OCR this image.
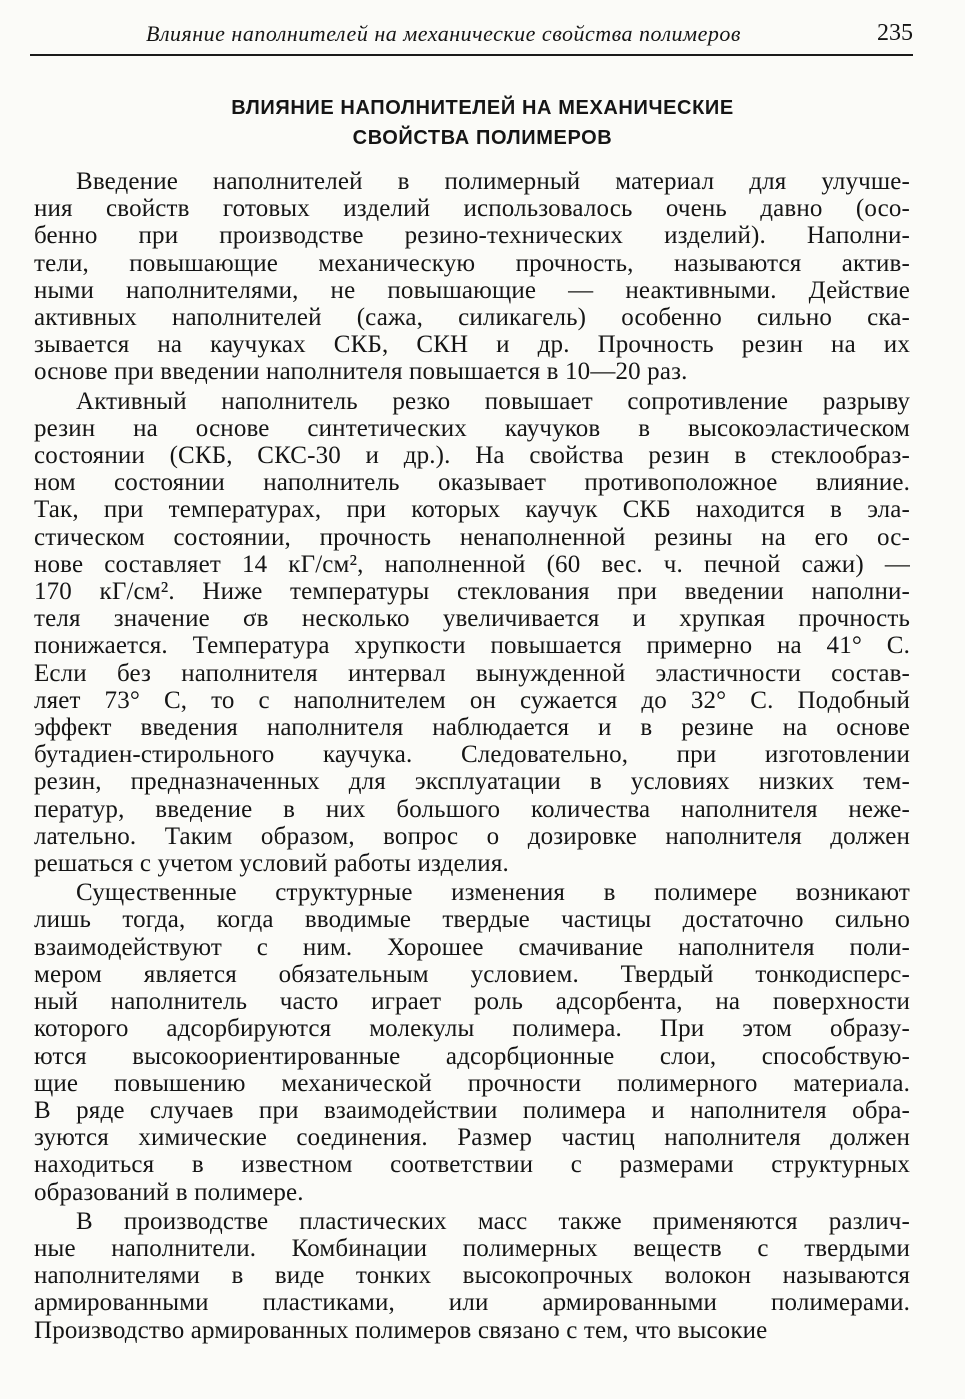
Влияние наполнителей на механические свойства полимеров	235
ВЛИЯНИЕ НАПОЛНИТЕЛЕЙ НА МЕХАНИЧЕСКИЕ
СВОЙСТВА ПОЛИМЕРОВ
Введение наполнителей в полимерный материал для улучше-
ния свойств готовых изделий использовалось очень давно (осо-
бенно при производстве резино-технических изделий). Наполни-
тели, повышающие механическую прочность, называются актив-
ными наполнителями, не повышающие — неактивными. Действие
активных наполнителей (сажа, силикагель) особенно сильно ска-
зывается на каучуках СКБ, СКН и др. Прочность резин на их
основе при введении наполнителя повышается в 10—20 раз.
Активный наполнитель резко повышает сопротивление разрыву
резин на основе синтетических каучуков в высокоэластическом
состоянии (СКБ, СКС-30 и др.). На свойства резин в стеклообраз-
ном состоянии наполнитель оказывает противоположное влияние.
Так, при температурах, при которых каучук СКБ находится в эла-
стическом состоянии, прочность ненаполненной резины на его ос-
нове составляет 14 кГ/см², наполненной (60 вес. ч. печной сажи) —
170 кГ/см². Ниже температуры стеклования при введении наполни-
теля значение σв несколько увеличивается и хрупкая прочность
понижается. Температура хрупкости повышается примерно на 41° С.
Если без наполнителя интервал вынужденной эластичности состав-
ляет 73° С, то с наполнителем он сужается до 32° С. Подобный
эффект введения наполнителя наблюдается и в резине на основе
бутадиен-стирольного каучука. Следовательно, при изготовлении
резин, предназначенных для эксплуатации в условиях низких тем-
ператур, введение в них большого количества наполнителя неже-
лательно. Таким образом, вопрос о дозировке наполнителя должен
решаться с учетом условий работы изделия.
Существенные структурные изменения в полимере возникают
лишь тогда, когда вводимые твердые частицы достаточно сильно
взаимодействуют с ним. Хорошее смачивание наполнителя поли-
мером является обязательным условием. Твердый тонкодисперс-
ный наполнитель часто играет роль адсорбента, на поверхности
которого адсорбируются молекулы полимера. При этом образу-
ются высокоориентированные адсорбционные слои, способствую-
щие повышению механической прочности полимерного материала.
В ряде случаев при взаимодействии полимера и наполнителя обра-
зуются химические соединения. Размер частиц наполнителя должен
находиться в известном соответствии с размерами структурных
образований в полимере.
В производстве пластических масс также применяются различ-
ные наполнители. Комбинации полимерных веществ с твердыми
наполнителями в виде тонких высокопрочных волокон называются
армированными пластиками, или армированными полимерами.
Производство армированных полимеров связано с тем, что высокие
